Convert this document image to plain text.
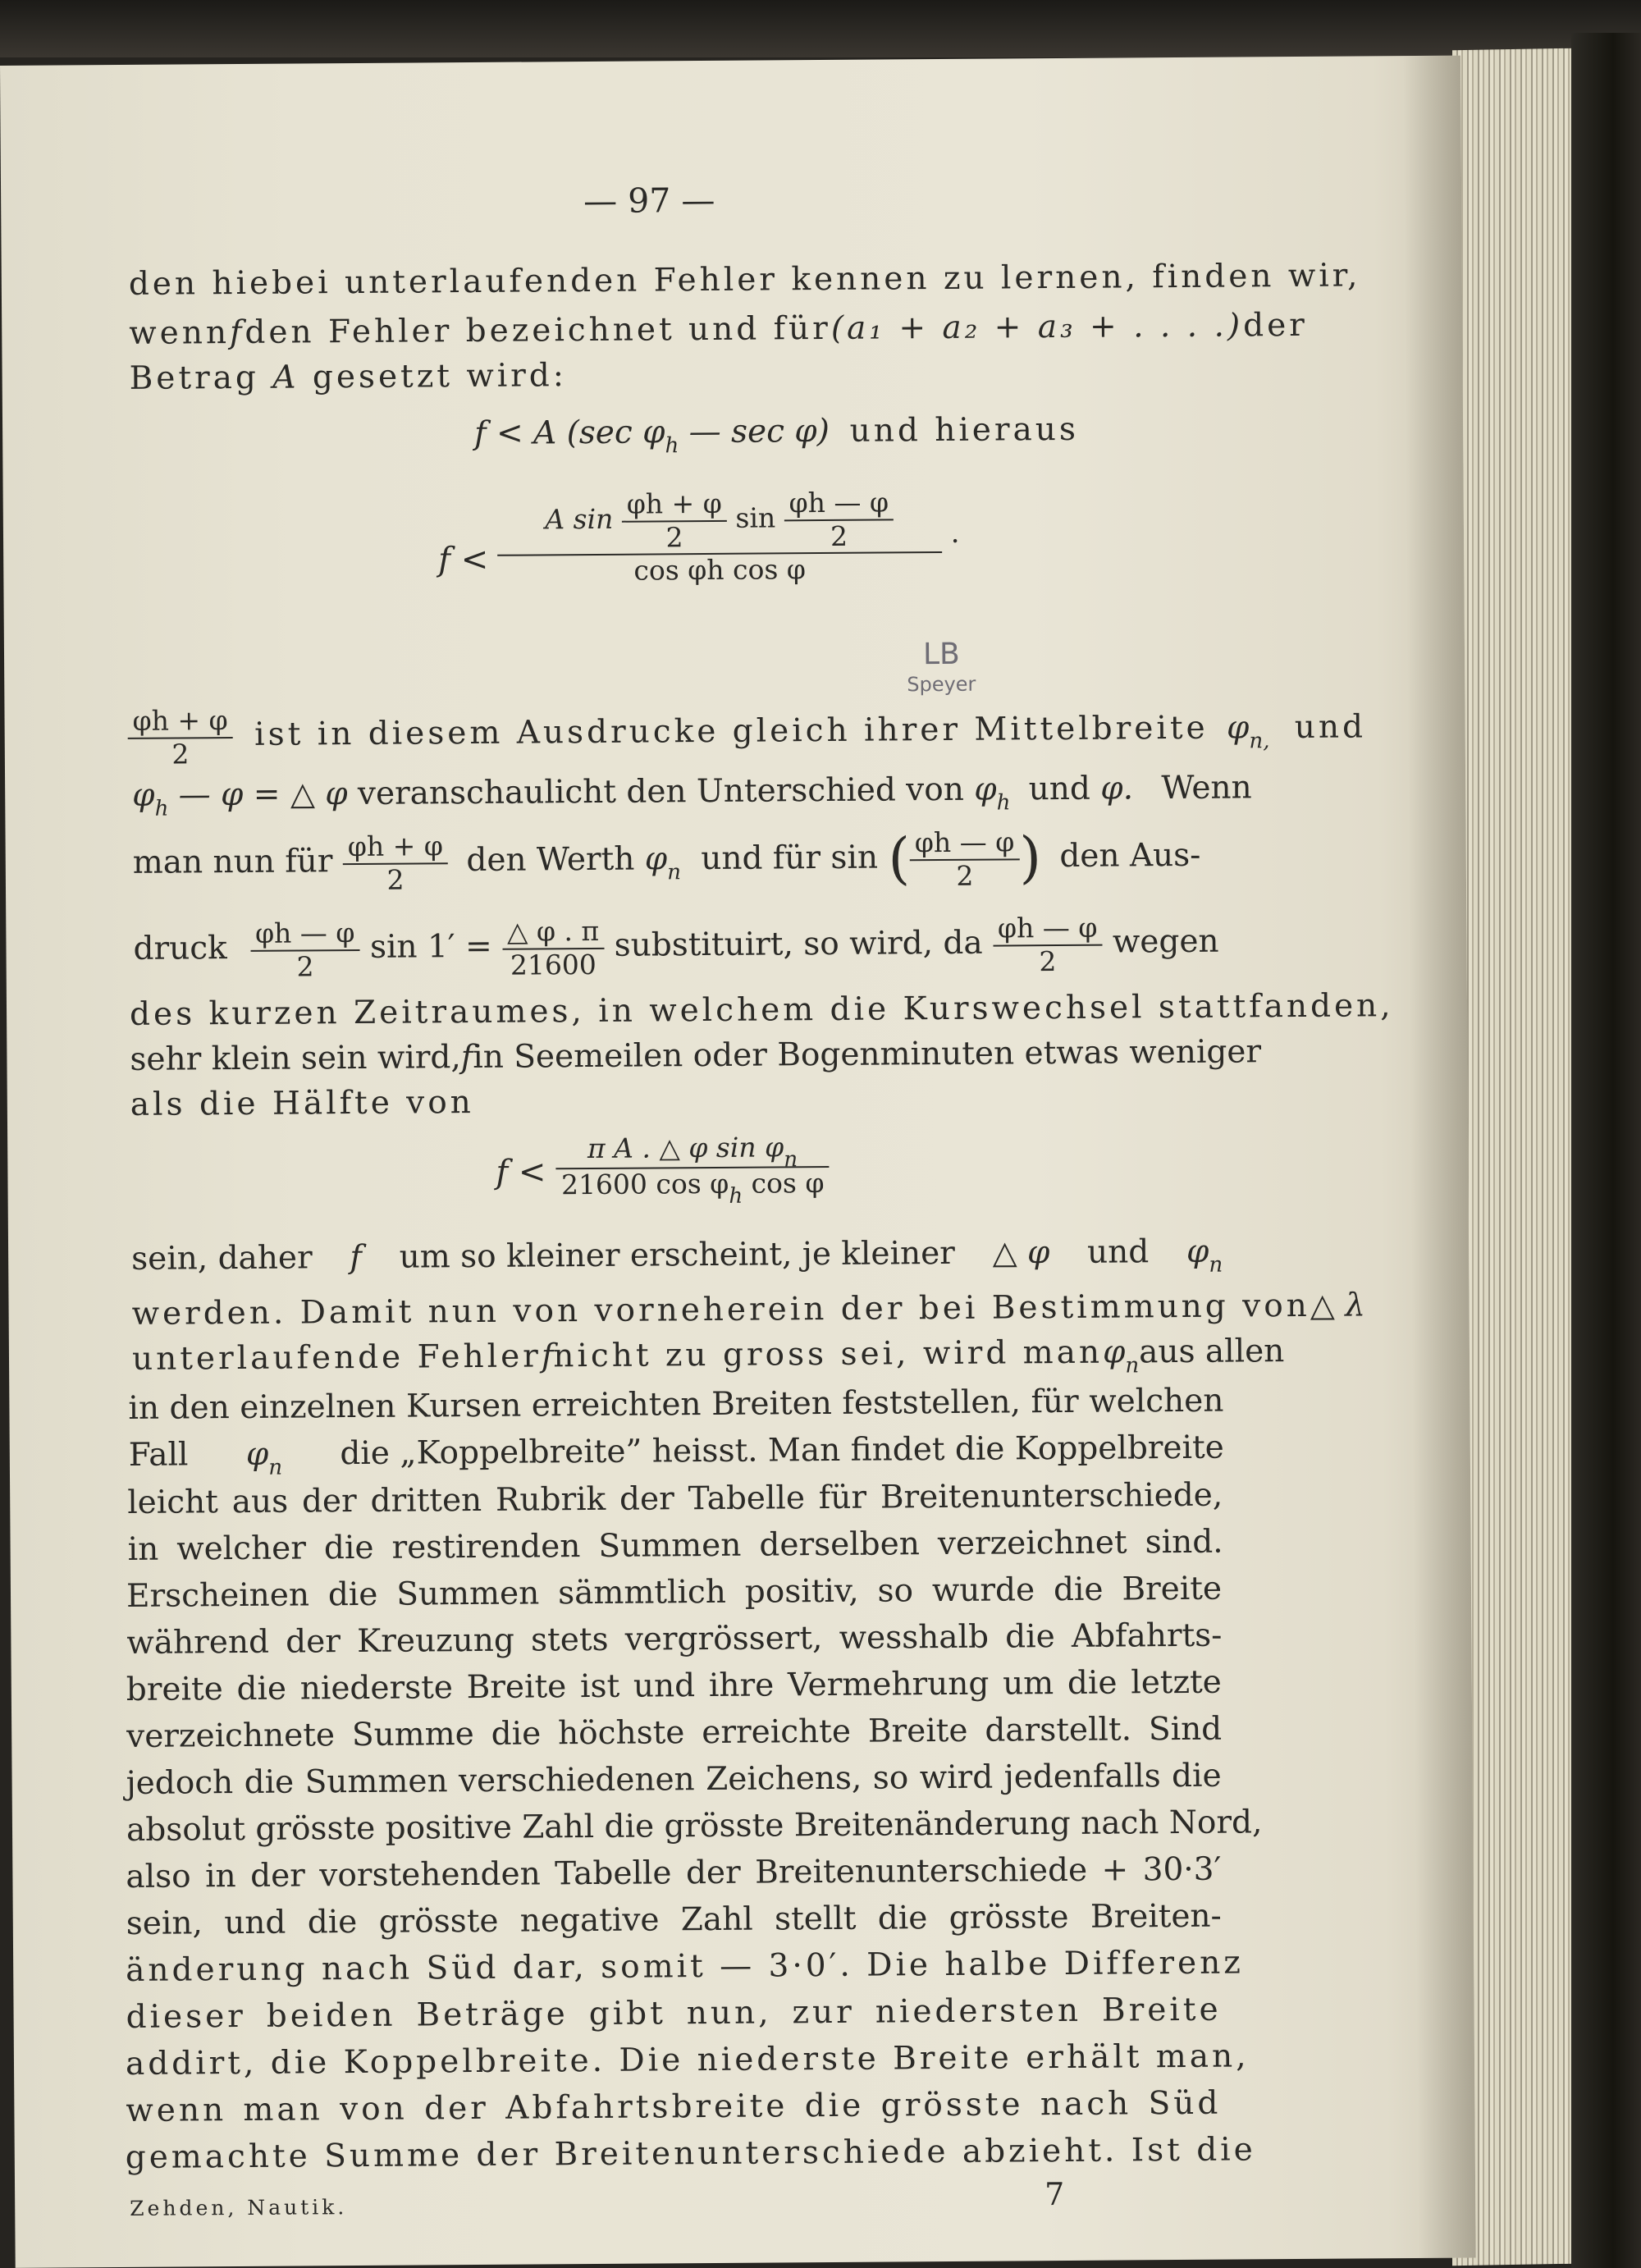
— 97 —
den hiebei unterlaufenden Fehler kennen zu lernen, finden wir,
wenn f den Fehler bezeichnet und für (a₁ + a₂ + a₃ + . . . .) der
Betrag A gesetzt wird:
f < A (sec $\varphi_h$ — sec φ) und hieraus
$f < \frac{A \sin \frac{\varphi h + \varphi}{2} \sin \frac{\varphi h — \varphi}{2}}{\text{cos φh cos φ}}$ .
LB
Speyer
$\frac{\varphi h + \varphi}{2}$ ist in diesem Ausdrucke gleich ihrer Mittelbreite $\varphi_{n,}$ und
$\varphi_h$ — φ = △ φ veranschaulicht den Unterschied von $\varphi_h$ und φ. Wenn
man nun für $\frac{\varphi h + \varphi}{2}$ den Werth $\varphi_n$ und für sin ( $\frac{\varphi h — \varphi}{2}$ ) den Aus-
druck $\frac{\varphi h — \varphi}{2}$ $\sin 1' = \frac{\triangle \varphi . \pi}{21600}$ substituirt, so wird, da $\frac{\varphi h — \varphi}{2}$ wegen
des kurzen Zeitraumes, in welchem die Kurswechsel stattfanden,
sehr klein sein wird, f in Seemeilen oder Bogenminuten etwas weniger
als die Hälfte von
$f < \frac{\pi A . \triangle \varphi \sin \varphi_n}{21600 \cos \varphi_h \cos \varphi}$
sein, daher f um so kleiner erscheint, je kleiner △ φ und $\varphi_n$
werden. Damit nun von vorneherein der bei Bestimmung von △ λ
unterlaufende Fehler f nicht zu gross sei, wird man $\varphi_n$ aus allen
in den einzelnen Kursen erreichten Breiten feststellen, für welchen
Fall $\varphi_n$ die „Koppelbreite” heisst. Man findet die Koppelbreite
leicht aus der dritten Rubrik der Tabelle für Breitenunterschiede,
in welcher die restirenden Summen derselben verzeichnet sind.
Erscheinen die Summen sämmtlich positiv, so wurde die Breite
während der Kreuzung stets vergrössert, wesshalb die Abfahrts-
breite die niederste Breite ist und ihre Vermehrung um die letzte
verzeichnete Summe die höchste erreichte Breite darstellt. Sind
jedoch die Summen verschiedenen Zeichens, so wird jedenfalls die
absolut grösste positive Zahl die grösste Breitenänderung nach Nord,
also in der vorstehenden Tabelle der Breitenunterschiede + 30·3′
sein, und die grösste negative Zahl stellt die grösste Breiten-
änderung nach Süd dar, somit — 3·0′. Die halbe Differenz
dieser beiden Beträge gibt nun, zur niedersten Breite
addirt, die Koppelbreite. Die niederste Breite erhält man,
wenn man von der Abfahrtsbreite die grösste nach Süd
gemachte Summe der Breitenunterschiede abzieht. Ist die
Zehden, Nautik.	7
